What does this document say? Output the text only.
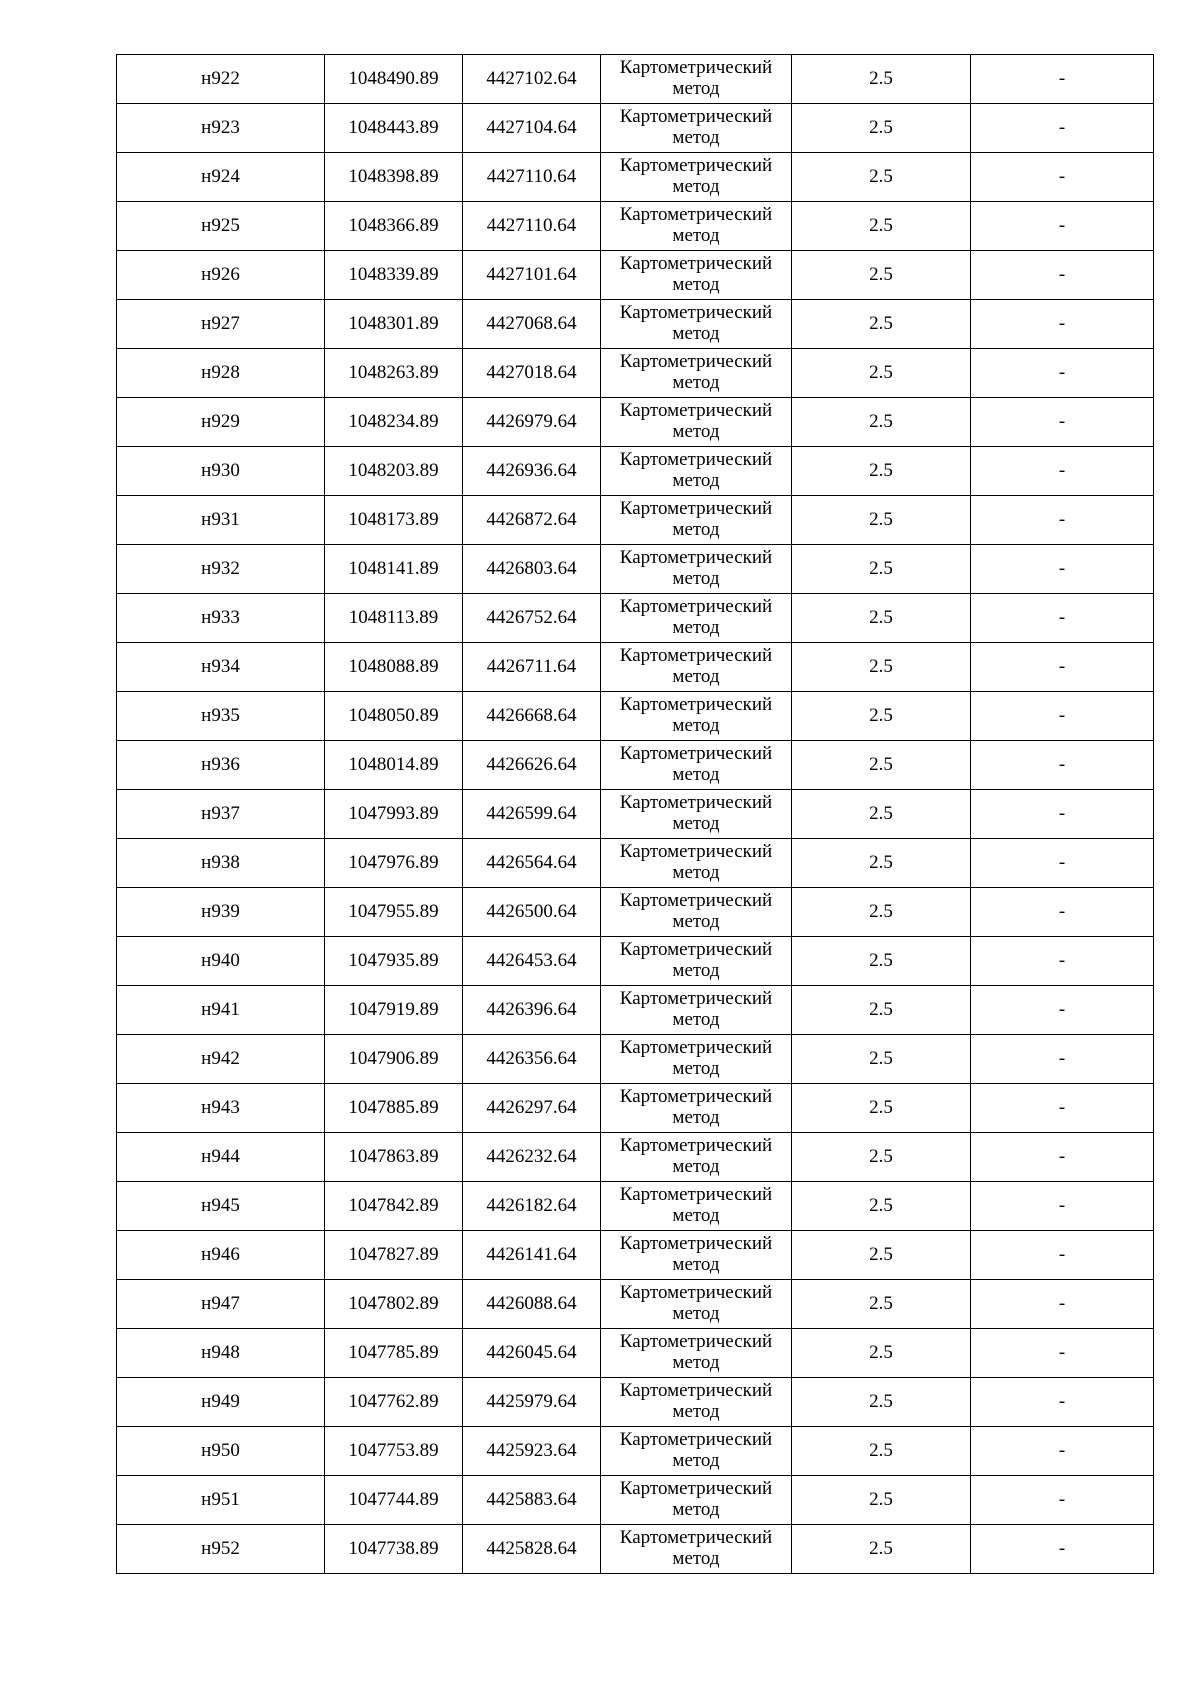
н922	1048490.89	4427102.64	Картометрический метод	2.5	-
н923	1048443.89	4427104.64	Картометрический метод	2.5	-
н924	1048398.89	4427110.64	Картометрический метод	2.5	-
н925	1048366.89	4427110.64	Картометрический метод	2.5	-
н926	1048339.89	4427101.64	Картометрический метод	2.5	-
н927	1048301.89	4427068.64	Картометрический метод	2.5	-
н928	1048263.89	4427018.64	Картометрический метод	2.5	-
н929	1048234.89	4426979.64	Картометрический метод	2.5	-
н930	1048203.89	4426936.64	Картометрический метод	2.5	-
н931	1048173.89	4426872.64	Картометрический метод	2.5	-
н932	1048141.89	4426803.64	Картометрический метод	2.5	-
н933	1048113.89	4426752.64	Картометрический метод	2.5	-
н934	1048088.89	4426711.64	Картометрический метод	2.5	-
н935	1048050.89	4426668.64	Картометрический метод	2.5	-
н936	1048014.89	4426626.64	Картометрический метод	2.5	-
н937	1047993.89	4426599.64	Картометрический метод	2.5	-
н938	1047976.89	4426564.64	Картометрический метод	2.5	-
н939	1047955.89	4426500.64	Картометрический метод	2.5	-
н940	1047935.89	4426453.64	Картометрический метод	2.5	-
н941	1047919.89	4426396.64	Картометрический метод	2.5	-
н942	1047906.89	4426356.64	Картометрический метод	2.5	-
н943	1047885.89	4426297.64	Картометрический метод	2.5	-
н944	1047863.89	4426232.64	Картометрический метод	2.5	-
н945	1047842.89	4426182.64	Картометрический метод	2.5	-
н946	1047827.89	4426141.64	Картометрический метод	2.5	-
н947	1047802.89	4426088.64	Картометрический метод	2.5	-
н948	1047785.89	4426045.64	Картометрический метод	2.5	-
н949	1047762.89	4425979.64	Картометрический метод	2.5	-
н950	1047753.89	4425923.64	Картометрический метод	2.5	-
н951	1047744.89	4425883.64	Картометрический метод	2.5	-
н952	1047738.89	4425828.64	Картометрический метод	2.5	-
